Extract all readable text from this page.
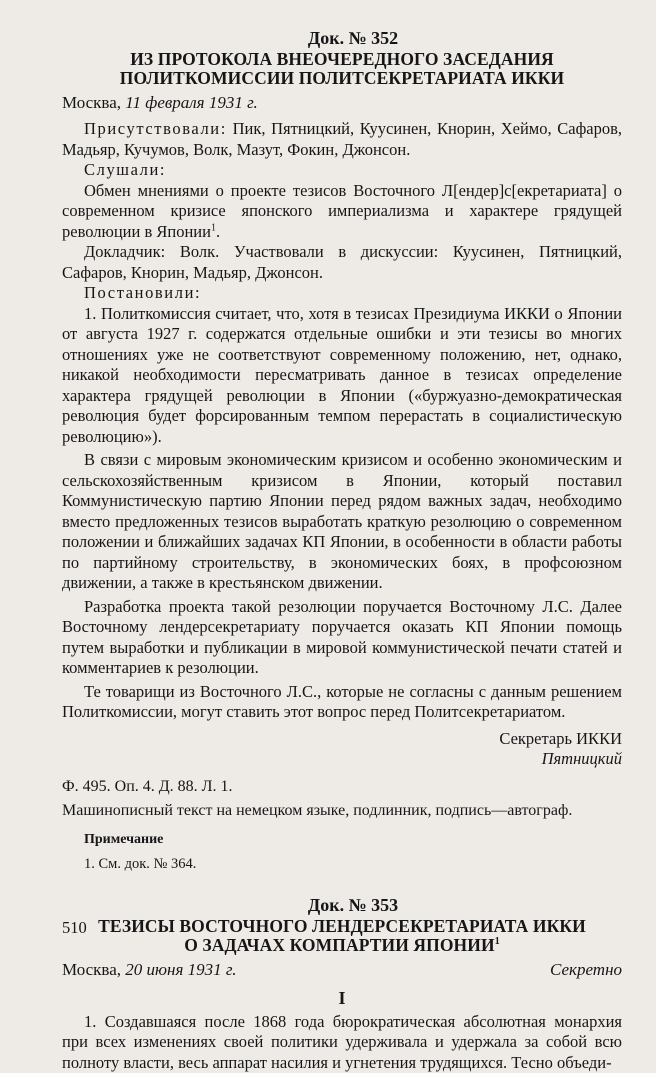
Док. № 352

ИЗ ПРОТОКОЛА ВНЕОЧЕРЕДНОГО ЗАСЕДАНИЯ

ПОЛИТКОМИССИИ ПОЛИТСЕКРЕТАРИАТА ИККИ

Москва, 11 февраля 1931 г.

Присутствовали: Пик, Пятницкий, Куусинен, Кнорин, Хеймо, Сафаров, Мадьяр, Кучумов, Волк, Мазут, Фокин, Джонсон.

Слушали:

Обмен мнениями о проекте тезисов Восточного Л[ендер]с[екретариата] о современном кризисе японского империализма и характере грядущей революции в Японии$^1$.

Докладчик: Волк. Участвовали в дискуссии: Куусинен, Пятницкий, Сафаров, Кнорин, Мадьяр, Джонсон.

Постановили:

1. Политкомиссия считает, что, хотя в тезисах Президиума ИККИ о Японии от августа 1927 г. содержатся отдельные ошибки и эти тезисы во многих отношениях уже не соответствуют современному положению, нет, однако, никакой необходимости пересматривать данное в тезисах определение характера грядущей революции в Японии («буржуазно-демократическая революция будет форсированным темпом перерастать в социалистическую революцию»).

В связи с мировым экономическим кризисом и особенно экономическим и сельскохозяйственным кризисом в Японии, который поставил Коммунистическую партию Японии перед рядом важных задач, необходимо вместо предложенных тезисов выработать краткую резолюцию о современном положении и ближайших задачах КП Японии, в особенности в области работы по партийному строительству, в экономических боях, в профсоюзном движении, а также в крестьянском движении.

Разработка проекта такой резолюции поручается Восточному Л.С. Далее Восточному лендерсекретариату поручается оказать КП Японии помощь путем выработки и публикации в мировой коммунистической печати статей и комментариев к резолюции.

Те товарищи из Восточного Л.С., которые не согласны с данным решением Политкомиссии, могут ставить этот вопрос перед Политсекретариатом.

Секретарь ИККИ

Пятницкий

Ф. 495. Оп. 4. Д. 88. Л. 1.

Машинописный текст на немецком языке, подлинник, подпись—автограф.

Примечание

1. См. док. № 364.

Док. № 353

ТЕЗИСЫ ВОСТОЧНОГО ЛЕНДЕРСЕКРЕТАРИАТА ИККИ

О ЗАДАЧАХ КОМПАРТИИ ЯПОНИИ$^1$

Москва, 20 июня 1931 г.	Секретно

I

1. Создавшаяся после 1868 года бюрократическая абсолютная монархия при всех изменениях своей политики удерживала и удержала за собой всю полноту власти, весь аппарат насилия и угнетения трудящихся. Тесно объеди-

510
